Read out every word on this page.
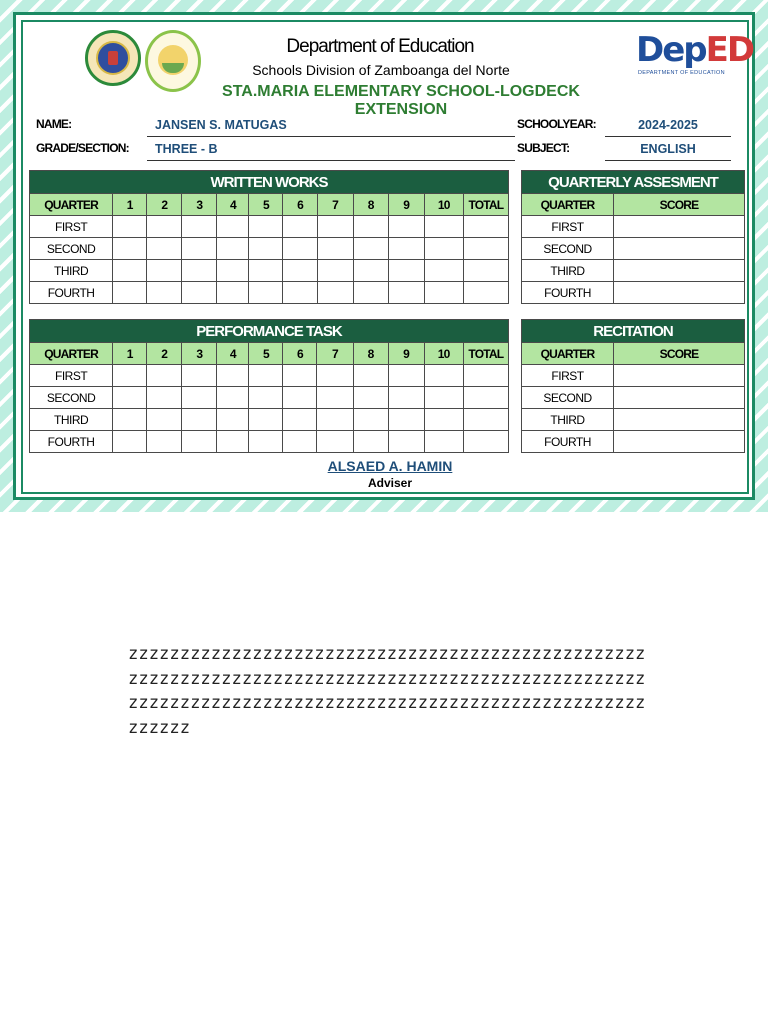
DepED
DEPARTMENT OF EDUCATION
Department of Education
Schools Division of Zamboanga del Norte
STA.MARIA ELEMENTARY SCHOOL-LOGDECK EXTENSION
NAME:	JANSEN S. MATUGAS
GRADE/SECTION:	THREE - B
SCHOOLYEAR:	2024-2025
SUBJECT:	ENGLISH
WRITTEN WORKS											
QUARTER	1	2	3	4	5	6	7	8	9	10	TOTAL
FIRST											
SECOND											
THIRD											
FOURTH											
QUARTERLY ASSESMENT	
QUARTER	SCORE
FIRST	
SECOND	
THIRD	
FOURTH	
PERFORMANCE TASK											
QUARTER	1	2	3	4	5	6	7	8	9	10	TOTAL
FIRST											
SECOND											
THIRD											
FOURTH											
RECITATION	
QUARTER	SCORE
FIRST	
SECOND	
THIRD	
FOURTH	
ALSAED A. HAMIN
Adviser
zzzzzzzzzzzzzzzzzzzzzzzzzzzzzzzzzzzzzzzzzzzzzzzzzzzzzzzzzzzzzzzzzzzzzzzzzzzzzzzzzzzzzzzzzzzzzzzzzzzzzzzzzzzzzzzzzzzzzzzzzzzzzzzzzzzzzzzzzzzzzzzzzzzzzzzzzzzz
